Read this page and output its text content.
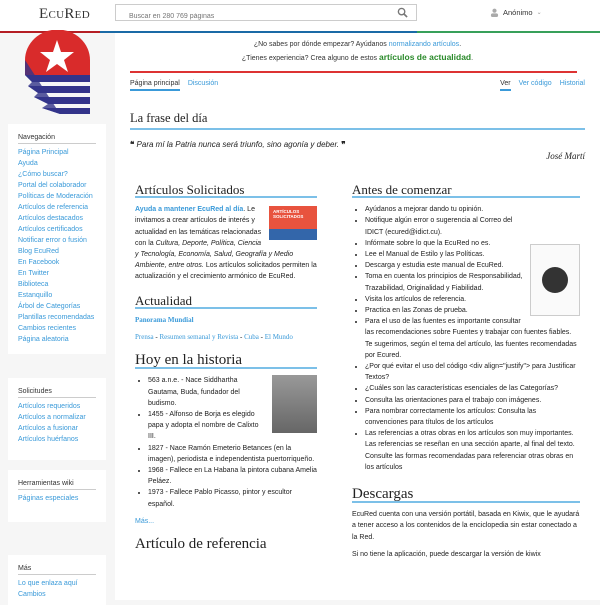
ECURED
Buscar en 280 769 páginas	Anónimo ⌄
Navegación
Página Principal
Ayuda
¿Cómo buscar?
Portal del colaborador
Políticas de Moderación
Artículos de referencia
Artículos destacados
Artículos certificados
Notificar error o fusión
Blog EcuRed
En Facebook
En Twitter
Biblioteca
Estanquillo
Árbol de Categorías
Plantillas recomendadas
Cambios recientes
Página aleatoria
Solicitudes
Artículos requeridos
Artículos a normalizar
Artículos a fusionar
Artículos huérfanos
Herramientas wiki
Páginas especiales
Más
Lo que enlaza aquí
Cambios
¿No sabes por dónde empezar? Ayúdanos normalizando artículos.
¿Tienes experiencia? Crea alguno de estos artículos de actualidad.
Página principal Discusión	Ver Ver código Historial
La frase del día
❝ Para mí la Patria nunca será triunfo, sino agonía y deber. ❞
José Martí
Artículos Solicitados
ARTÍCULOS SOLICITADOS
Ayuda a mantener EcuRed al día. Le invitamos a crear artículos de interés y actualidad en las temáticas relacionadas con la Cultura, Deporte, Política, Ciencia y Tecnología, Economía, Salud, Geografía y Medio Ambiente, entre otros. Los artículos solicitados permiten la actualización y el crecimiento armónico de EcuRed.
Actualidad
Panorama Mundial
Prensa - Resumen semanal y Revista - Cuba - El Mundo
Hoy en la historia
• 563 a.n.e. - Nace Siddhartha Gautama, Buda, fundador del budismo.
• 1455 - Alfonso de Borja es elegido papa y adopta el nombre de Calixto III.
• 1827 - Nace Ramón Emeterio Betances (en la imagen), periodista e independentista puertorriqueño.
• 1968 - Fallece en La Habana la pintora cubana Amelia Peláez.
• 1973 - Fallece Pablo Picasso, pintor y escultor español.
Más...
Artículo de referencia
Antes de comenzar
• Ayúdanos a mejorar dando tu opinión.
• Notifique algún error o sugerencia al Correo del IDICT (ecured@idict.cu).
• Infórmate sobre lo que la EcuRed no es.
• Lee el Manual de Estilo y las Políticas.
• Descarga y estudia este manual de EcuRed.
• Toma en cuenta los principios de Responsabilidad, Trazabilidad, Originalidad y Fiabilidad.
• Visita los artículos de referencia.
• Practica en las Zonas de prueba.
• Para el uso de las fuentes es importante consultar las recomendaciones sobre Fuentes y trabajar con fuentes fiables. Te sugerimos, según el tema del artículo, las fuentes recomendadas por Ecured.
• ¿Por qué evitar el uso del código <div align="justify"> para Justificar Textos?
• ¿Cuáles son las características esenciales de las Categorías?
• Consulta las orientaciones para el trabajo con imágenes.
• Para nombrar correctamente los artículos: Consulta las convenciones para títulos de los artículos
• Las referencias a otras obras en los artículos son muy importantes. Las referencias se reseñan en una sección aparte, al final del texto. Consulte las formas recomendadas para referenciar otras obras en los artículos
Descargas

EcuRed cuenta con una versión portátil, basada en Kiwix, que le ayudará a tener acceso a los contenidos de la enciclopedia sin estar conectado a la Red.

Si no tiene la aplicación, puede descargar la versión de kiwix
